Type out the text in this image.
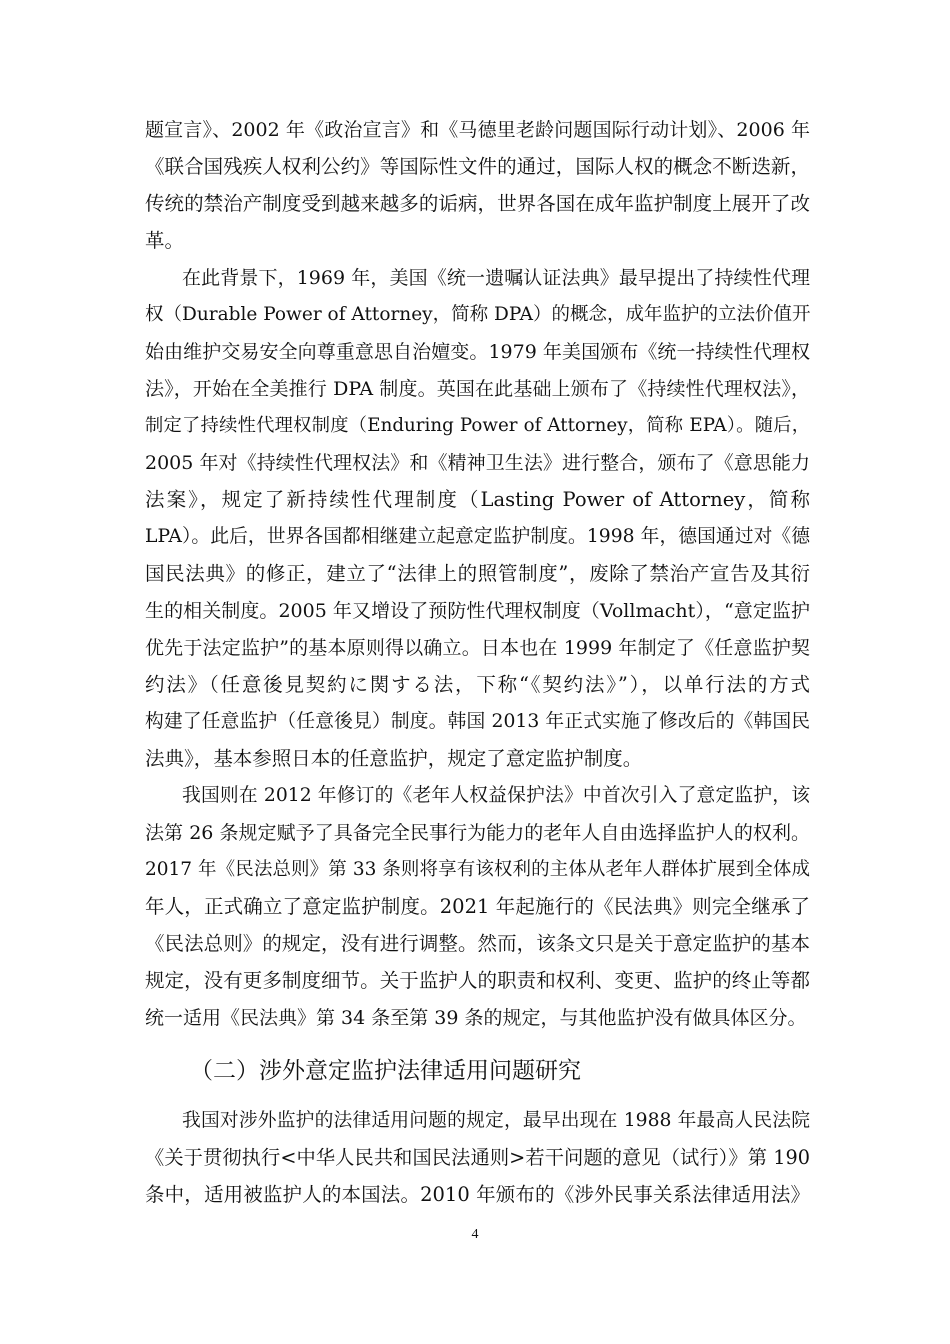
题宣言》、2002 年《政治宣言》和《马德里老龄问题国际行动计划》、2006 年
《联合国残疾人权利公约》等国际性文件的通过，国际人权的概念不断迭新，
传统的禁治产制度受到越来越多的诟病，世界各国在成年监护制度上展开了改
革。
在此背景下，1969 年，美国《统一遗嘱认证法典》最早提出了持续性代理
权（Durable Power of Attorney，简称 DPA）的概念，成年监护的立法价值开
始由维护交易安全向尊重意思自治嬗变。1979 年美国颁布《统一持续性代理权
法》，开始在全美推行 DPA 制度。英国在此基础上颁布了《持续性代理权法》，
制定了持续性代理权制度（Enduring Power of Attorney，简称 EPA）。随后，
2005 年对《持续性代理权法》和《精神卫生法》进行整合，颁布了《意思能力
法案》，规定了新持续性代理制度（Lasting Power of Attorney，简称
LPA）。此后，世界各国都相继建立起意定监护制度。1998 年，德国通过对《德
国民法典》的修正，建立了“法律上的照管制度”，废除了禁治产宣告及其衍
生的相关制度。2005 年又增设了预防性代理权制度（Vollmacht），“意定监护
优先于法定监护”的基本原则得以确立。日本也在 1999 年制定了《任意监护契
约法》（任意後見契約に関する法，下称“《契约法》”），以单行法的方式
构建了任意监护（任意後見）制度。韩国 2013 年正式实施了修改后的《韩国民
法典》，基本参照日本的任意监护，规定了意定监护制度。
我国则在 2012 年修订的《老年人权益保护法》中首次引入了意定监护，该
法第 26 条规定赋予了具备完全民事行为能力的老年人自由选择监护人的权利。
2017 年《民法总则》第 33 条则将享有该权利的主体从老年人群体扩展到全体成
年人，正式确立了意定监护制度。2021 年起施行的《民法典》则完全继承了
《民法总则》的规定，没有进行调整。然而，该条文只是关于意定监护的基本
规定，没有更多制度细节。关于监护人的职责和权利、变更、监护的终止等都
统一适用《民法典》第 34 条至第 39 条的规定，与其他监护没有做具体区分。
（二）涉外意定监护法律适用问题研究
我国对涉外监护的法律适用问题的规定，最早出现在 1988 年最高人民法院
《关于贯彻执行<中华人民共和国民法通则>若干问题的意见（试行）》第 190
条中，适用被监护人的本国法。2010 年颁布的《涉外民事关系法律适用法》
4
